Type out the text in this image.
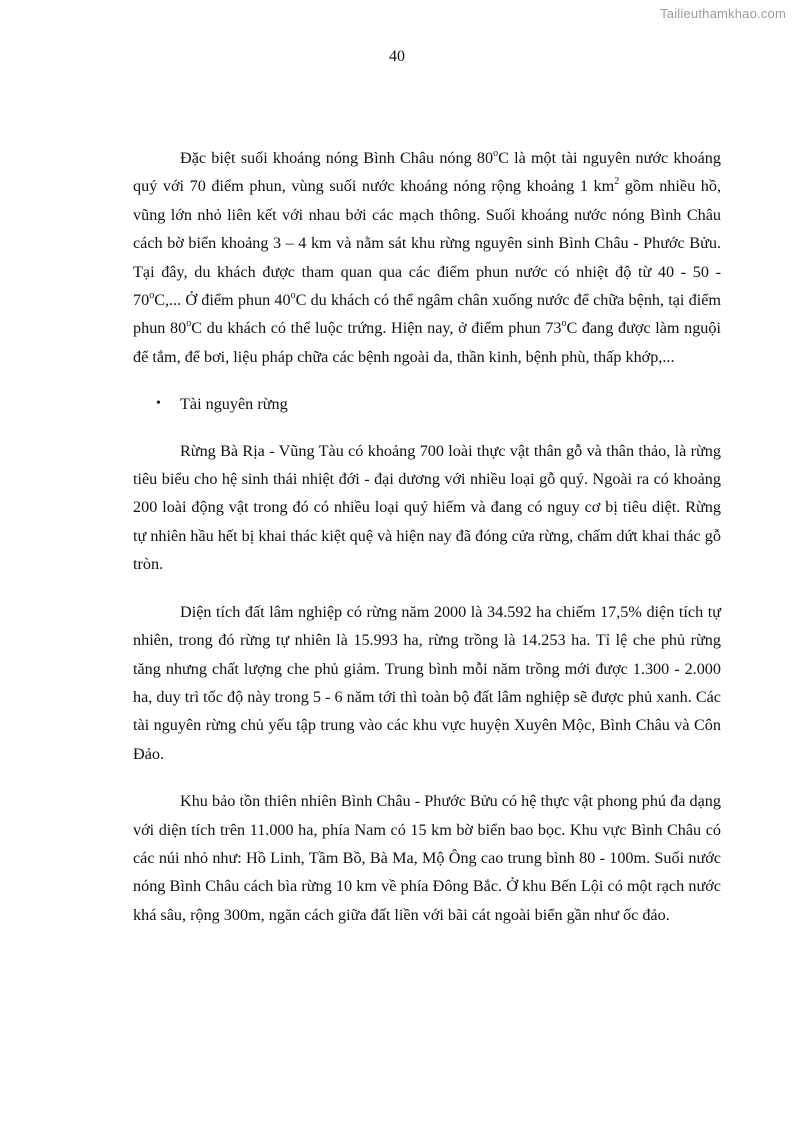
Tailieuthamkhao.com
40

Đặc biệt suối khoáng nóng Bình Châu nóng 80$^o$C là một tài nguyên nước khoáng quý với 70 điểm phun, vùng suối nước khoáng nóng rộng khoảng 1 $km^2$ gồm nhiều hồ, vũng lớn nhỏ liên kết với nhau bởi các mạch thông. Suối khoáng nước nóng Bình Châu cách bờ biển khoảng 3 – 4 km và nằm sát khu rừng nguyên sinh Bình Châu - Phước Bửu. Tại đây, du khách được tham quan qua các điểm phun nước có nhiệt độ từ 40 - 50 - 70$^o$C,... Ở điểm phun 40$^o$C du khách có thể ngâm chân xuống nước để chữa bệnh, tại điểm phun 80$^o$C du khách có thể luộc trứng. Hiện nay, ở điểm phun 73$^o$C đang được làm nguội để tắm, để bơi, liệu pháp chữa các bệnh ngoài da, thần kinh, bệnh phù, thấp khớp,...

• Tài nguyên rừng

Rừng Bà Rịa - Vũng Tàu có khoảng 700 loài thực vật thân gỗ và thân thảo, là rừng tiêu biểu cho hệ sinh thái nhiệt đới - đại dương với nhiều loại gỗ quý. Ngoài ra có khoảng 200 loài động vật trong đó có nhiều loại quý hiếm và đang có nguy cơ bị tiêu diệt. Rừng tự nhiên hầu hết bị khai thác kiệt quệ và hiện nay đã đóng cửa rừng, chấm dứt khai thác gỗ tròn.

Diện tích đất lâm nghiệp có rừng năm 2000 là 34.592 ha chiếm 17,5% diện tích tự nhiên, trong đó rừng tự nhiên là 15.993 ha, rừng trồng là 14.253 ha. Tỉ lệ che phủ rừng tăng nhưng chất lượng che phủ giảm. Trung bình mỗi năm trồng mới được 1.300 - 2.000 ha, duy trì tốc độ này trong 5 - 6 năm tới thì toàn bộ đất lâm nghiệp sẽ được phủ xanh. Các tài nguyên rừng chủ yếu tập trung vào các khu vực huyện Xuyên Mộc, Bình Châu và Côn Đảo.

Khu bảo tồn thiên nhiên Bình Châu - Phước Bửu có hệ thực vật phong phú đa dạng với diện tích trên 11.000 ha, phía Nam có 15 km bờ biển bao bọc. Khu vực Bình Châu có các núi nhỏ như: Hồ Linh, Tầm Bồ, Bà Ma, Mộ Ông cao trung bình 80 - 100m. Suối nước nóng Bình Châu cách bìa rừng 10 km về phía Đông Bắc. Ở khu Bến Lội có một rạch nước khá sâu, rộng 300m, ngăn cách giữa đất liền với bãi cát ngoài biển gần như ốc đảo.
